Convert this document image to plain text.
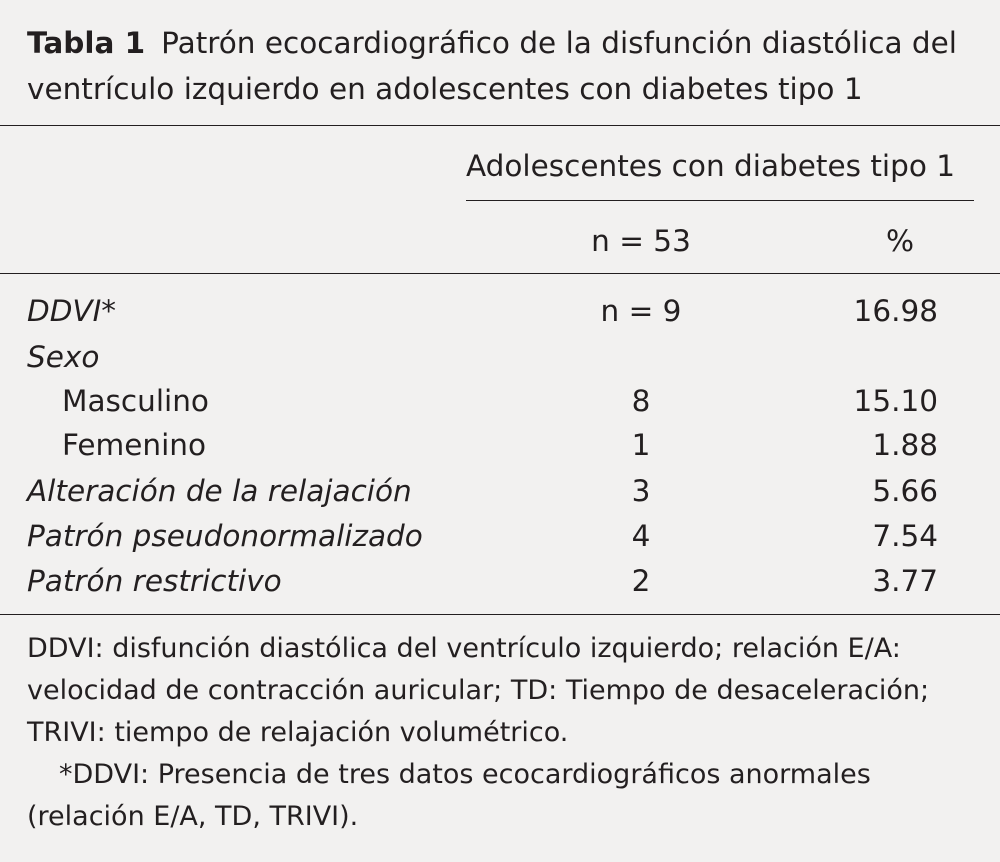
Tabla 1 Patrón ecocardiográfico de la disfunción diastólica del ventrículo izquierdo en adolescentes con diabetes tipo 1
Adolescentes con diabetes tipo 1
n = 53	%
DDVI*	n = 9	16.98
Sexo
Masculino	8	15.10
Femenino	1	1.88
Alteración de la relajación	3	5.66
Patrón pseudonormalizado	4	7.54
Patrón restrictivo	2	3.77

DDVI: disfunción diastólica del ventrículo izquierdo; relación E/A: velocidad de contracción auricular; TD: Tiempo de desaceleración; TRIVI: tiempo de relajación volumétrico.

*DDVI: Presencia de tres datos ecocardiográficos anormales (relación E/A, TD, TRIVI).
